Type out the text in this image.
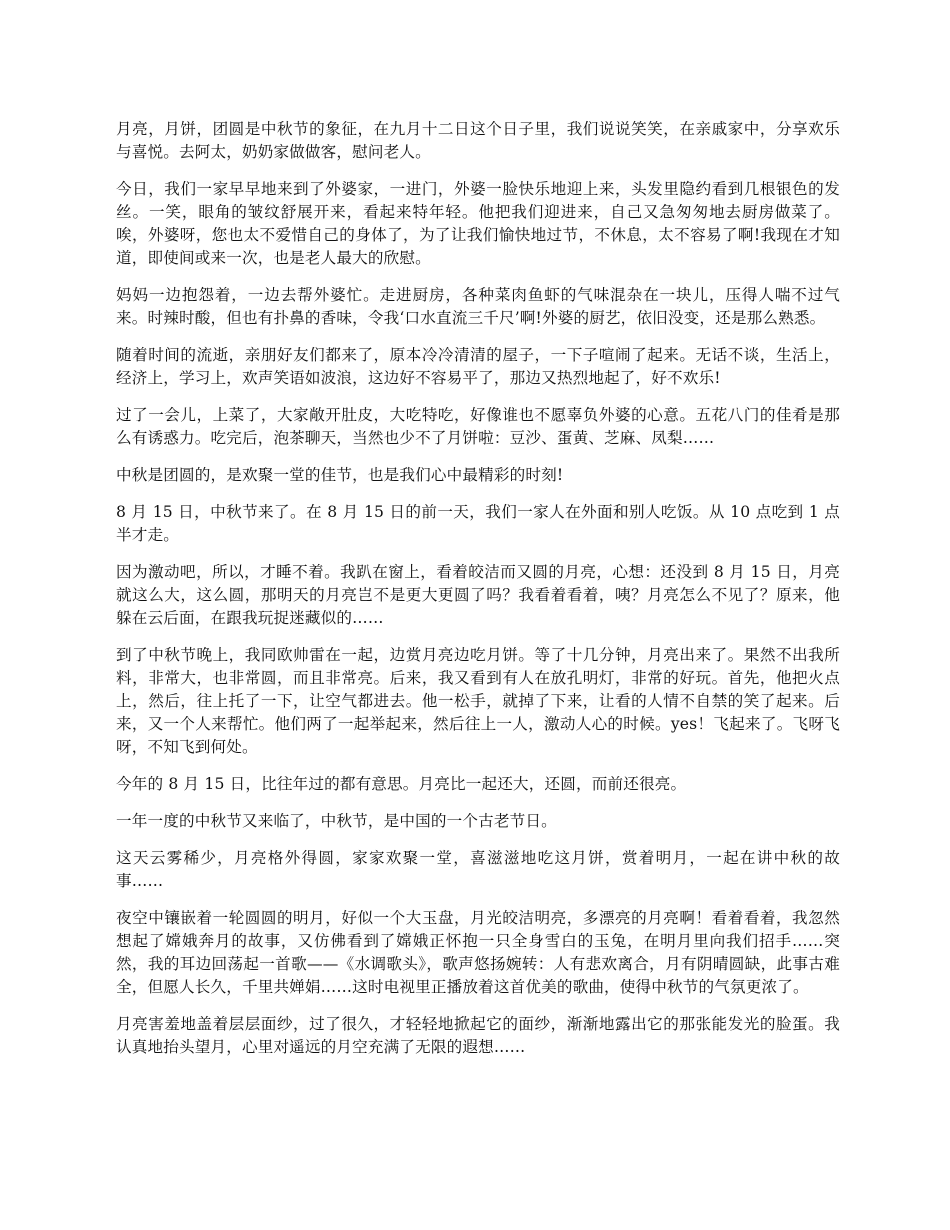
月亮，月饼，团圆是中秋节的象征，在九月十二日这个日子里，我们说说笑笑，在亲戚家中，分享欢乐与喜悦。去阿太，奶奶家做做客，慰问老人。

今日，我们一家早早地来到了外婆家，一进门，外婆一脸快乐地迎上来，头发里隐约看到几根银色的发丝。一笑，眼角的皱纹舒展开来，看起来特年轻。他把我们迎进来，自己又急匆匆地去厨房做菜了。唉，外婆呀，您也太不爱惜自己的身体了，为了让我们愉快地过节，不休息，太不容易了啊!我现在才知道，即使间或来一次，也是老人最大的欣慰。

妈妈一边抱怨着，一边去帮外婆忙。走进厨房，各种菜肉鱼虾的气味混杂在一块儿，压得人喘不过气来。时辣时酸，但也有扑鼻的香味，令我‘口水直流三千尺’啊!外婆的厨艺，依旧没变，还是那么熟悉。

随着时间的流逝，亲朋好友们都来了，原本冷冷清清的屋子，一下子喧闹了起来。无话不谈，生活上，经济上，学习上，欢声笑语如波浪，这边好不容易平了，那边又热烈地起了，好不欢乐!

过了一会儿，上菜了，大家敞开肚皮，大吃特吃，好像谁也不愿辜负外婆的心意。五花八门的佳肴是那么有诱惑力。吃完后，泡茶聊天，当然也少不了月饼啦：豆沙、蛋黄、芝麻、凤梨……

中秋是团圆的，是欢聚一堂的佳节，也是我们心中最精彩的时刻!

8 月 15 日，中秋节来了。在 8 月 15 日的前一天，我们一家人在外面和别人吃饭。从 10 点吃到 1 点半才走。

因为激动吧，所以，才睡不着。我趴在窗上，看着皎洁而又圆的月亮，心想：还没到 8 月 15 日，月亮就这么大，这么圆，那明天的月亮岂不是更大更圆了吗？我看着看着，咦？月亮怎么不见了？原来，他躲在云后面，在跟我玩捉迷藏似的……

到了中秋节晚上，我同欧帅雷在一起，边赏月亮边吃月饼。等了十几分钟，月亮出来了。果然不出我所料，非常大，也非常圆，而且非常亮。后来，我又看到有人在放孔明灯，非常的好玩。首先，他把火点上，然后，往上托了一下，让空气都进去。他一松手，就掉了下来，让看的人情不自禁的笑了起来。后来，又一个人来帮忙。他们两了一起举起来，然后往上一人，激动人心的时候。yes！飞起来了。飞呀飞呀，不知飞到何处。

今年的 8 月 15 日，比往年过的都有意思。月亮比一起还大，还圆，而前还很亮。

一年一度的中秋节又来临了，中秋节，是中国的一个古老节日。

这天云雾稀少，月亮格外得圆，家家欢聚一堂，喜滋滋地吃这月饼，赏着明月，一起在讲中秋的故事……

夜空中镶嵌着一轮圆圆的明月，好似一个大玉盘，月光皎洁明亮，多漂亮的月亮啊！看着看着，我忽然想起了嫦娥奔月的故事，又仿佛看到了嫦娥正怀抱一只全身雪白的玉兔，在明月里向我们招手……突然，我的耳边回荡起一首歌——《水调歌头》，歌声悠扬婉转：人有悲欢离合，月有阴晴圆缺，此事古难全，但愿人长久，千里共婵娟……这时电视里正播放着这首优美的歌曲，使得中秋节的气氛更浓了。

月亮害羞地盖着层层面纱，过了很久，才轻轻地掀起它的面纱，渐渐地露出它的那张能发光的脸蛋。我认真地抬头望月，心里对遥远的月空充满了无限的遐想……
